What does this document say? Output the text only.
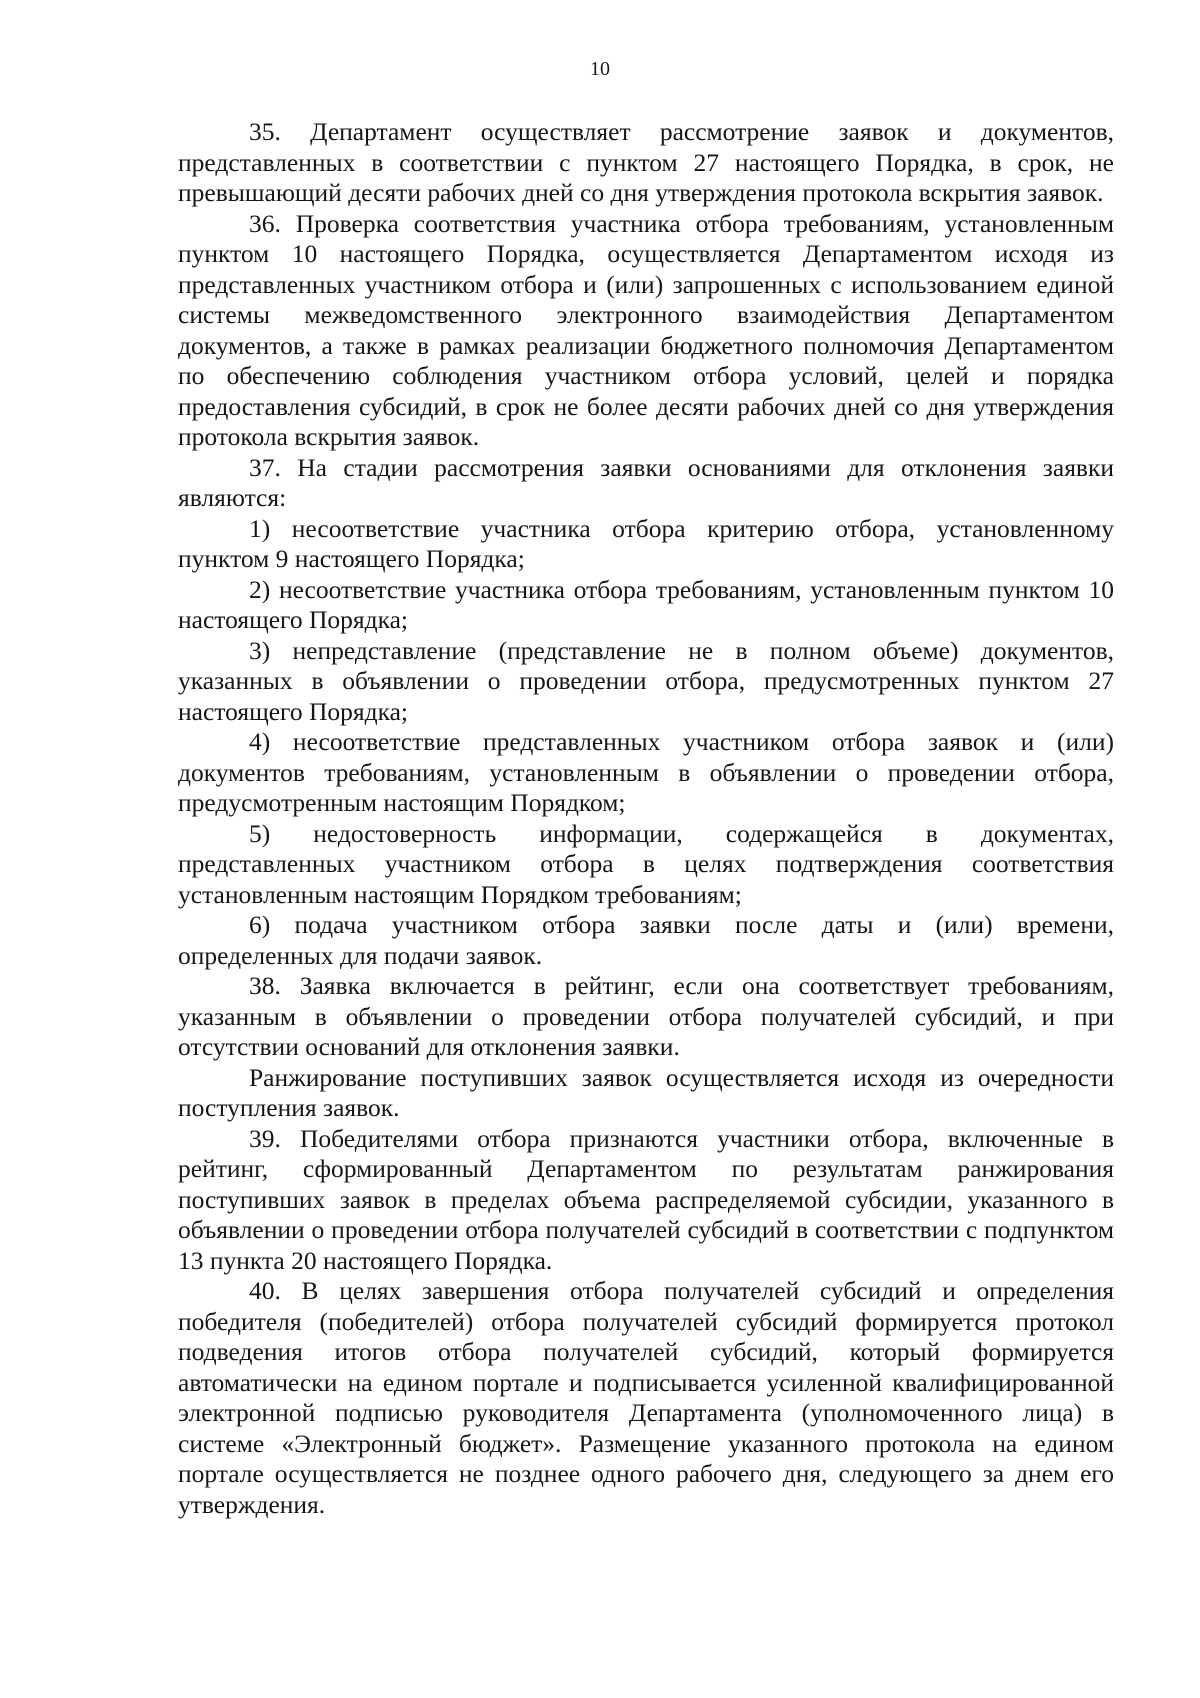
10

35. Департамент осуществляет рассмотрение заявок и документов, представленных в соответствии с пунктом 27 настоящего Порядка, в срок, не превышающий десяти рабочих дней со дня утверждения протокола вскрытия заявок.

36. Проверка соответствия участника отбора требованиям, установленным пунктом 10 настоящего Порядка, осуществляется Департаментом исходя из представленных участником отбора и (или) запрошенных с использованием единой системы межведомственного электронного взаимодействия Департаментом документов, а также в рамках реализации бюджетного полномочия Департаментом по обеспечению соблюдения участником отбора условий, целей и порядка предоставления субсидий, в срок не более десяти рабочих дней со дня утверждения протокола вскрытия заявок.

37. На стадии рассмотрения заявки основаниями для отклонения заявки являются:

1) несоответствие участника отбора критерию отбора, установленному пунктом 9 настоящего Порядка;

2) несоответствие участника отбора требованиям, установленным пунктом 10 настоящего Порядка;

3) непредставление (представление не в полном объеме) документов, указанных в объявлении о проведении отбора, предусмотренных пунктом 27 настоящего Порядка;

4) несоответствие представленных участником отбора заявок и (или) документов требованиям, установленным в объявлении о проведении отбора, предусмотренным настоящим Порядком;

5) недостоверность информации, содержащейся в документах, представленных участником отбора в целях подтверждения соответствия установленным настоящим Порядком требованиям;

6) подача участником отбора заявки после даты и (или) времени, определенных для подачи заявок.

38. Заявка включается в рейтинг, если она соответствует требованиям, указанным в объявлении о проведении отбора получателей субсидий, и при отсутствии оснований для отклонения заявки.

Ранжирование поступивших заявок осуществляется исходя из очередности поступления заявок.

39. Победителями отбора признаются участники отбора, включенные в рейтинг, сформированный Департаментом по результатам ранжирования поступивших заявок в пределах объема распределяемой субсидии, указанного в объявлении о проведении отбора получателей субсидий в соответствии с подпунктом 13 пункта 20 настоящего Порядка.

40. В целях завершения отбора получателей субсидий и определения победителя (победителей) отбора получателей субсидий формируется протокол подведения итогов отбора получателей субсидий, который формируется автоматически на едином портале и подписывается усиленной квалифицированной электронной подписью руководителя Департамента (уполномоченного лица) в системе «Электронный бюджет». Размещение указанного протокола на едином портале осуществляется не позднее одного рабочего дня, следующего за днем его утверждения.
